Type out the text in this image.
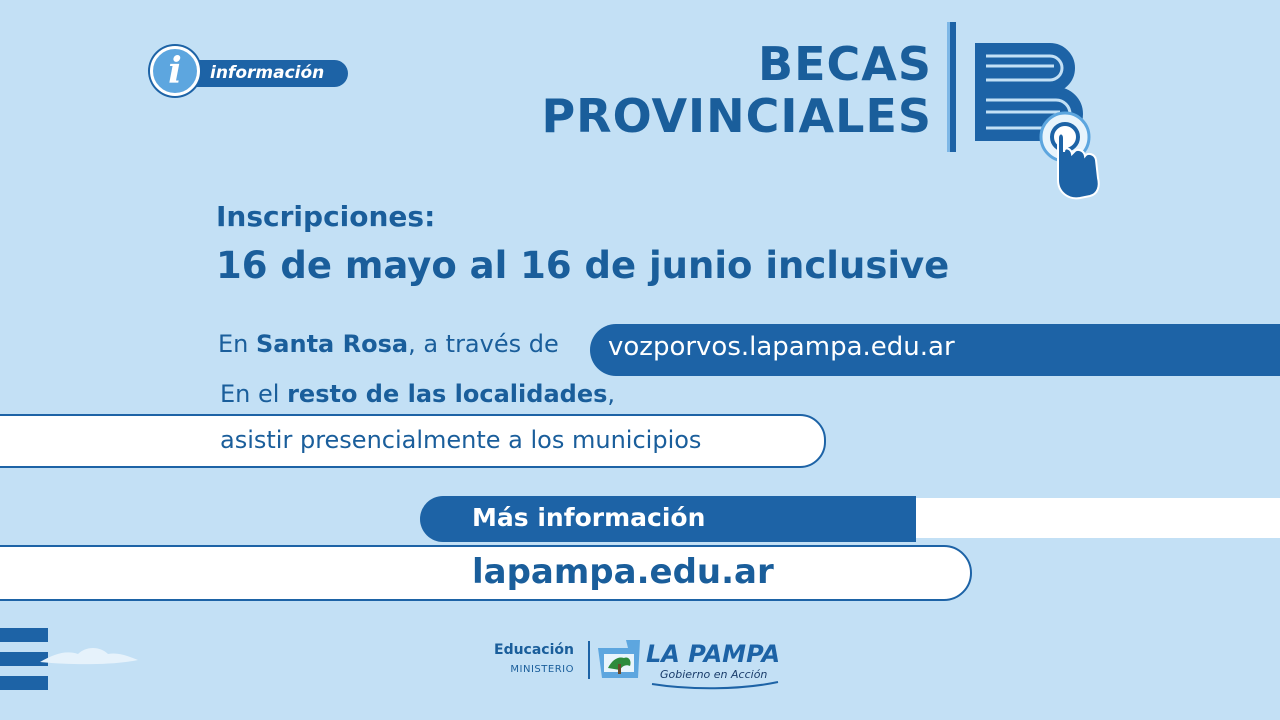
información
i	BECAS
PROVINCIALES
Inscripciones:
16 de mayo al 16 de junio inclusive
vozporvos.lapampa.edu.ar
En Santa Rosa, a través de
En el resto de las localidades,
asistir presencialmente a los municipios
Más información
lapampa.edu.ar
Educación
MINISTERIO
LA PAMPA
Gobierno en Acción
